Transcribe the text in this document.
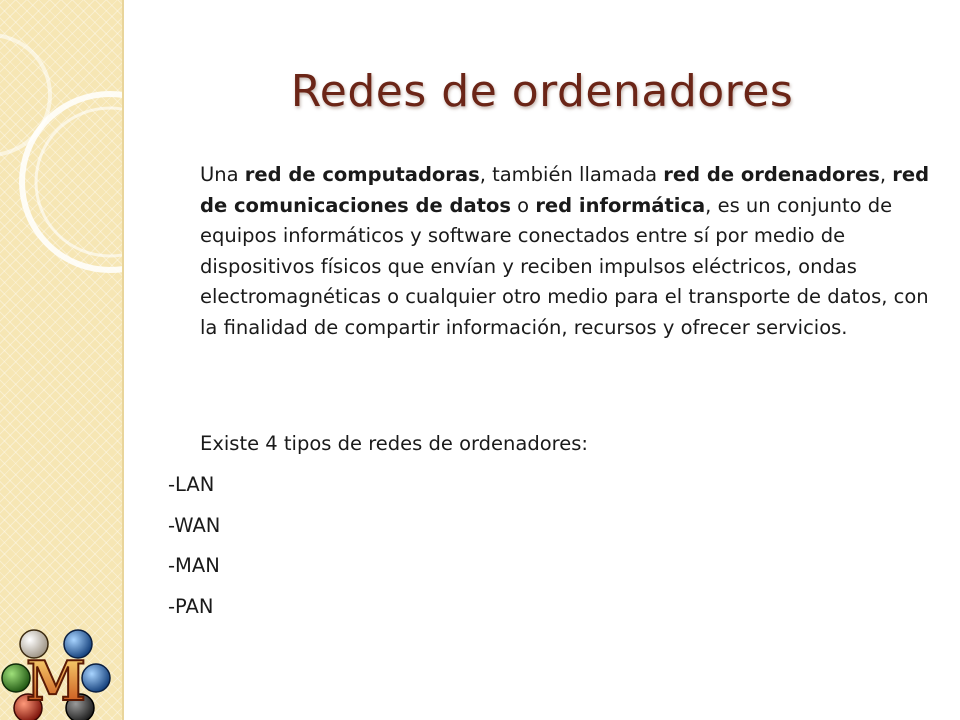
M
Redes de ordenadores

Una red de computadoras, también llamada red de ordenadores, red de comunicaciones de datos o red informática, es un conjunto de equipos informáticos y software conectados entre sí por medio de dispositivos físicos que envían y reciben impulsos eléctricos, ondas electromagnéticas o cualquier otro medio para el transporte de datos, con la finalidad de compartir información, recursos y ofrecer servicios.

Existe 4 tipos de redes de ordenadores:

-LAN
-WAN
-MAN
-PAN
